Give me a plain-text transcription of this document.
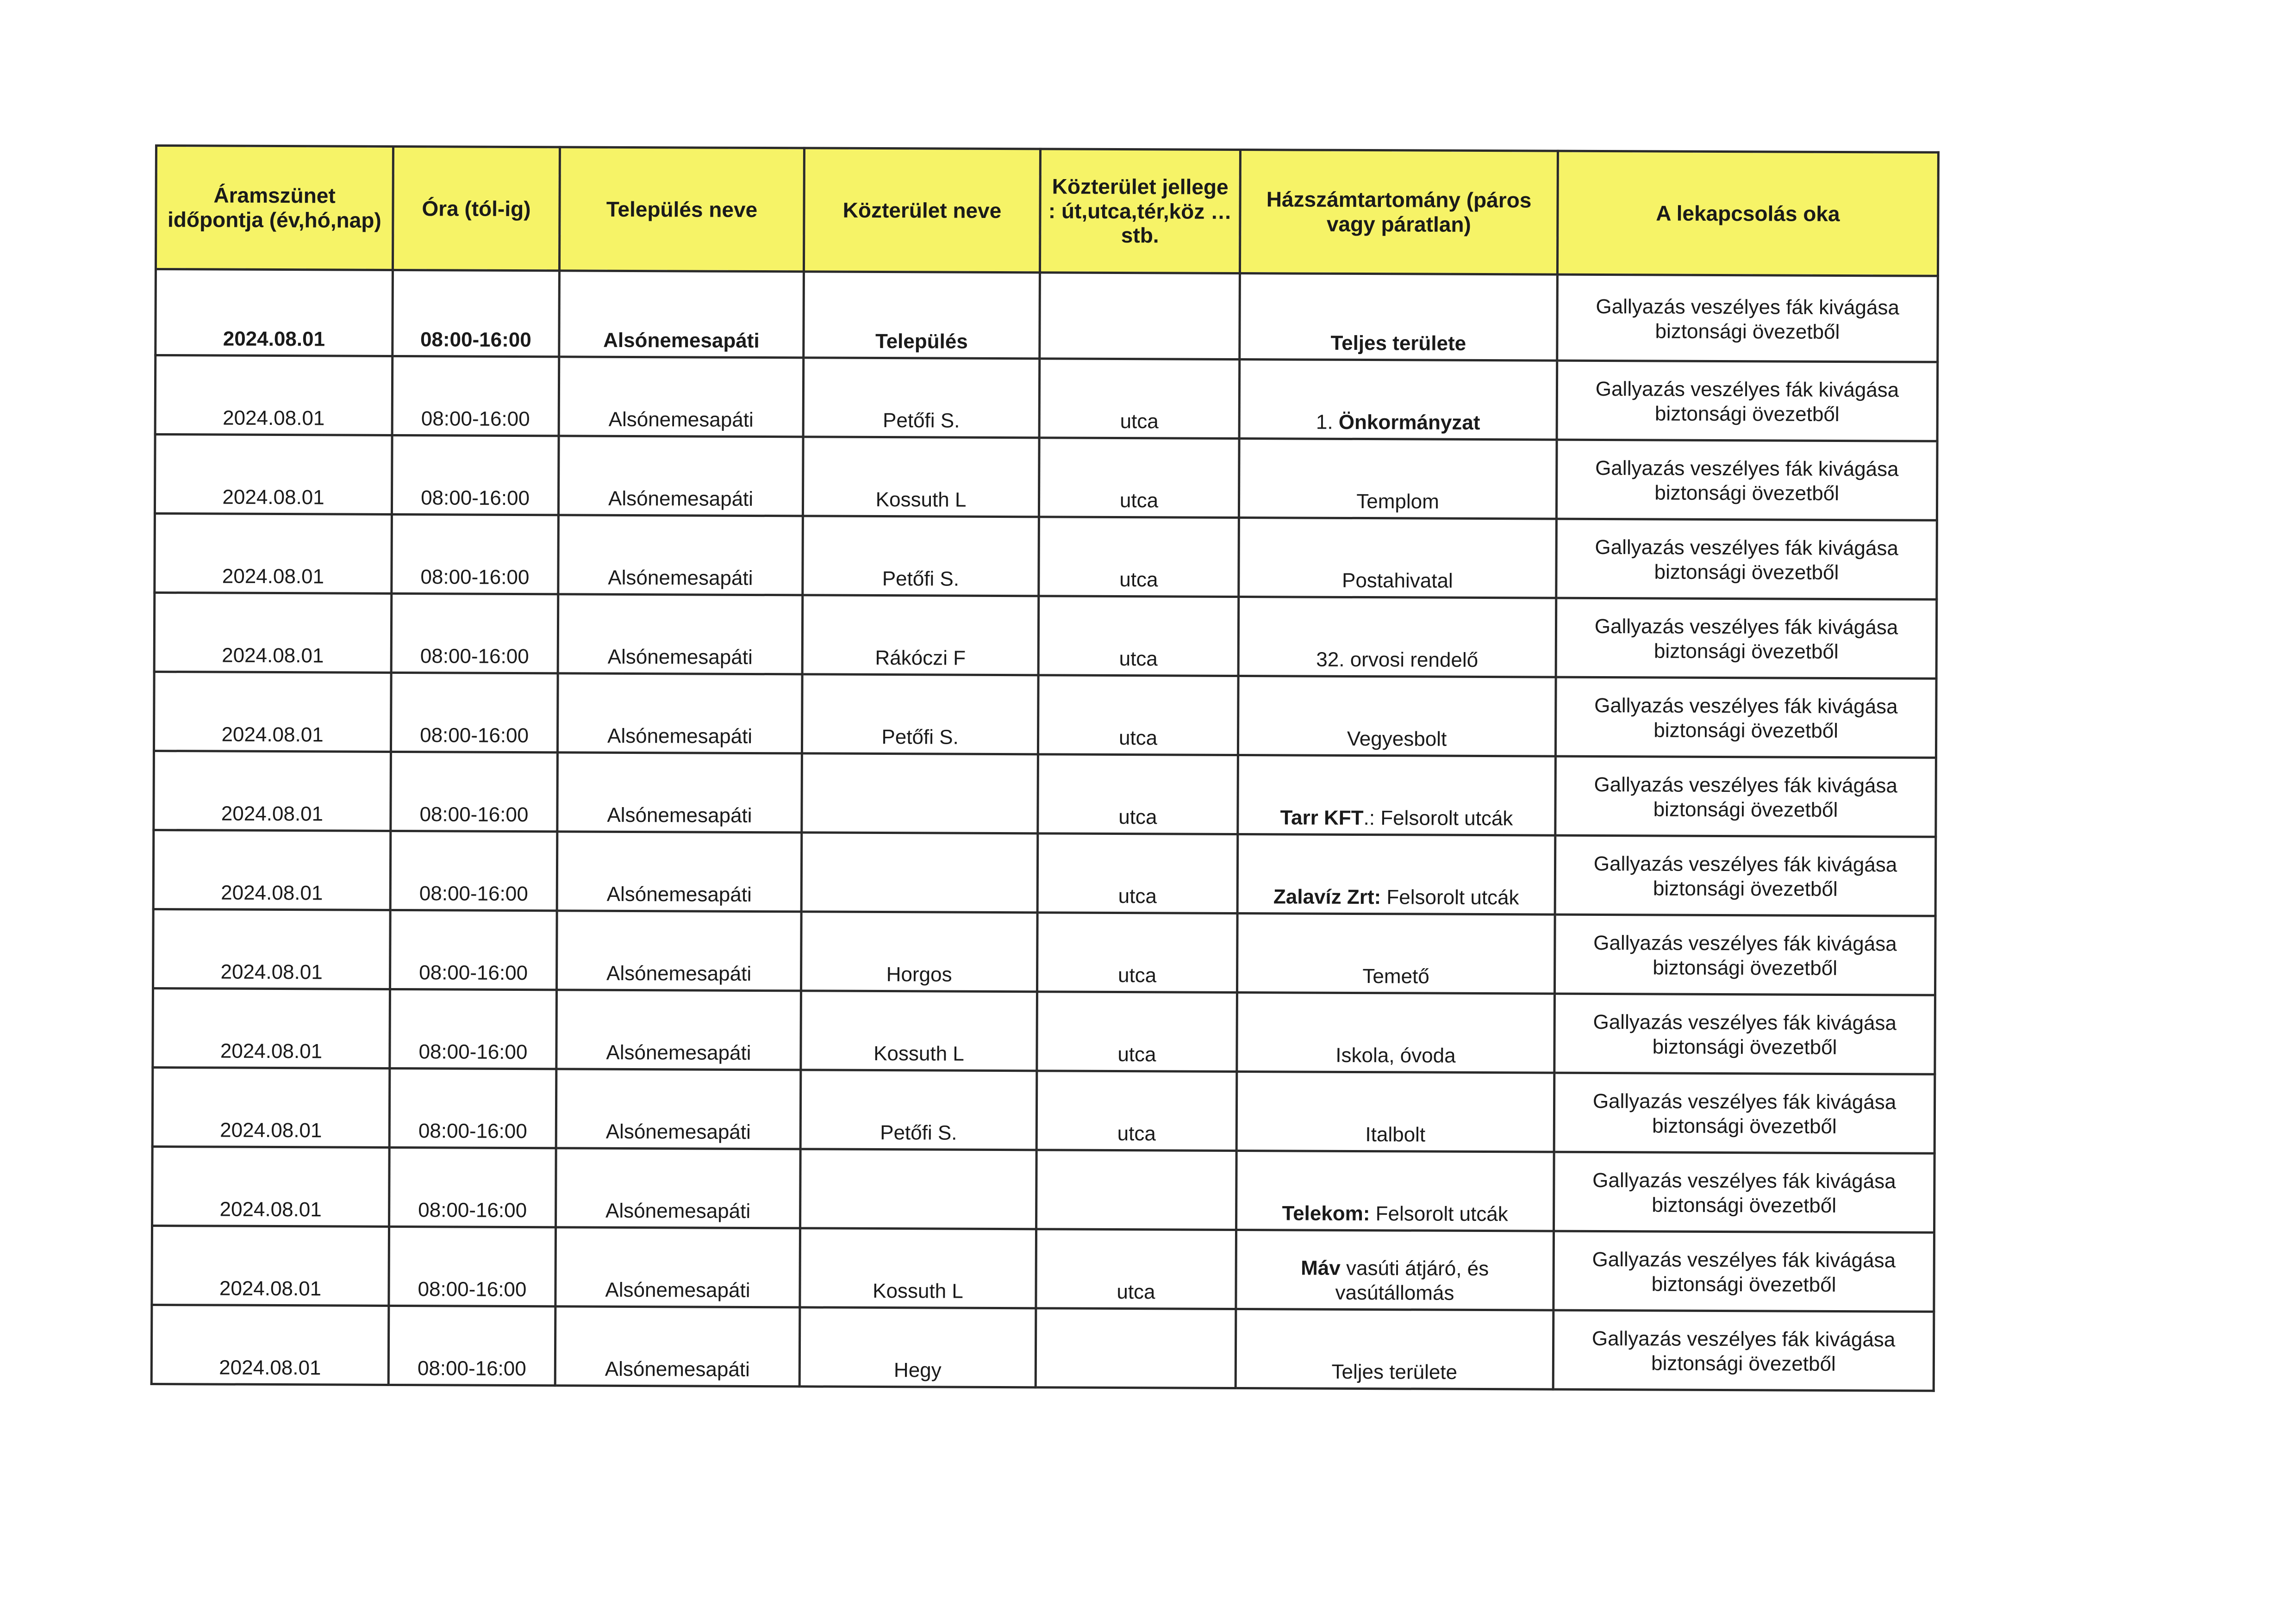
Áramszünet időpontja (év,hó,nap)	Óra (tól-ig)	Település neve	Közterület neve	Közterület jellege : út,utca,tér,köz …stb.	Házszámtartomány (páros vagy páratlan)	A lekapcsolás oka
2024.08.01	08:00-16:00	Alsónemesapáti	Település		Teljes területe	Gallyazás veszélyes fák kivágása biztonsági övezetből
2024.08.01	08:00-16:00	Alsónemesapáti	Petőfi S.	utca	1. Önkormányzat	Gallyazás veszélyes fák kivágása biztonsági övezetből
2024.08.01	08:00-16:00	Alsónemesapáti	Kossuth L	utca	Templom	Gallyazás veszélyes fák kivágása biztonsági övezetből
2024.08.01	08:00-16:00	Alsónemesapáti	Petőfi S.	utca	Postahivatal	Gallyazás veszélyes fák kivágása biztonsági övezetből
2024.08.01	08:00-16:00	Alsónemesapáti	Rákóczi F	utca	32. orvosi rendelő	Gallyazás veszélyes fák kivágása biztonsági övezetből
2024.08.01	08:00-16:00	Alsónemesapáti	Petőfi S.	utca	Vegyesbolt	Gallyazás veszélyes fák kivágása biztonsági övezetből
2024.08.01	08:00-16:00	Alsónemesapáti		utca	Tarr KFT.: Felsorolt utcák	Gallyazás veszélyes fák kivágása biztonsági övezetből
2024.08.01	08:00-16:00	Alsónemesapáti		utca	Zalavíz Zrt: Felsorolt utcák	Gallyazás veszélyes fák kivágása biztonsági övezetből
2024.08.01	08:00-16:00	Alsónemesapáti	Horgos	utca	Temető	Gallyazás veszélyes fák kivágása biztonsági övezetből
2024.08.01	08:00-16:00	Alsónemesapáti	Kossuth L	utca	Iskola, óvoda	Gallyazás veszélyes fák kivágása biztonsági övezetből
2024.08.01	08:00-16:00	Alsónemesapáti	Petőfi S.	utca	Italbolt	Gallyazás veszélyes fák kivágása biztonsági övezetből
2024.08.01	08:00-16:00	Alsónemesapáti			Telekom: Felsorolt utcák	Gallyazás veszélyes fák kivágása biztonsági övezetből
2024.08.01	08:00-16:00	Alsónemesapáti	Kossuth L	utca	Máv vasúti átjáró, és vasútállomás	Gallyazás veszélyes fák kivágása biztonsági övezetből
2024.08.01	08:00-16:00	Alsónemesapáti	Hegy		Teljes területe	Gallyazás veszélyes fák kivágása biztonsági övezetből
